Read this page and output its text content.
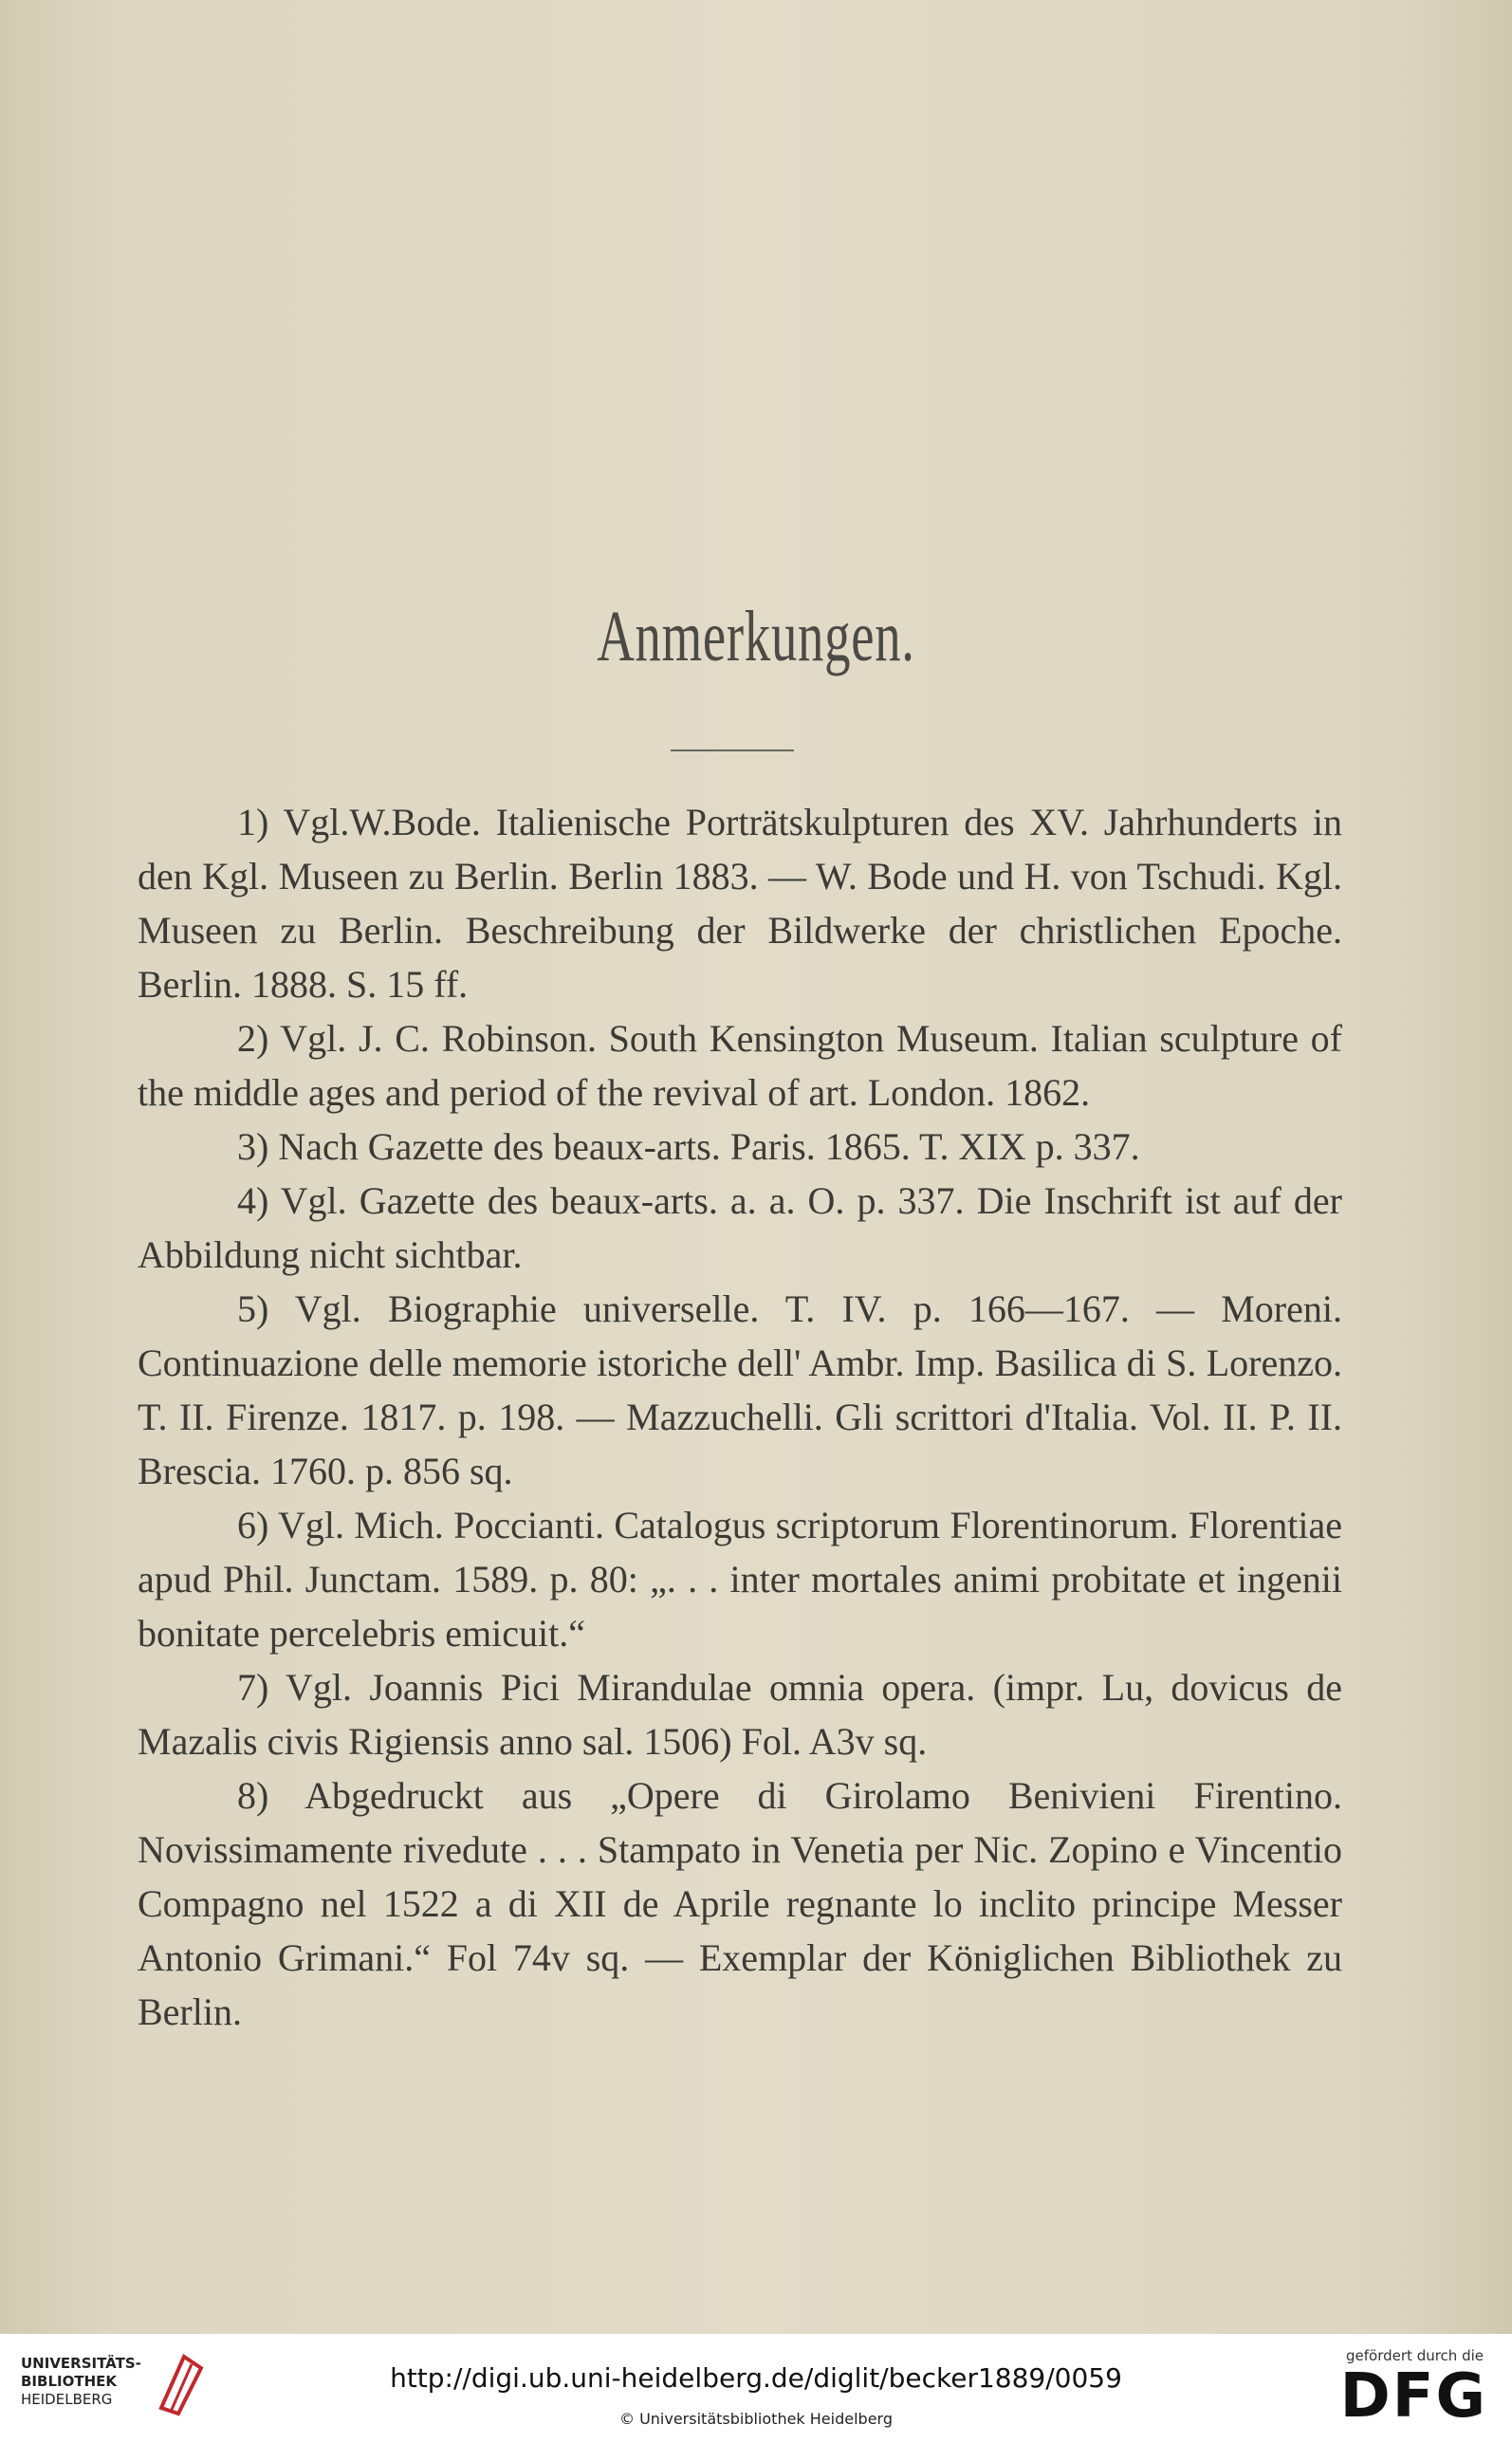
Anmerkungen.

1) Vgl.W.Bode. Italienische Porträtskulpturen des XV. Jahrhunderts in den Kgl. Museen zu Berlin. Berlin 1883. — W. Bode und H. von Tschudi. Kgl. Museen zu Berlin. Beschreibung der Bildwerke der christlichen Epoche. Berlin. 1888. S. 15 ff.

2) Vgl. J. C. Robinson. South Kensington Museum. Italian sculpture of the middle ages and period of the revival of art. London. 1862.

3) Nach Gazette des beaux-arts. Paris. 1865. T. XIX p. 337.

4) Vgl. Gazette des beaux-arts. a. a. O. p. 337. Die Inschrift ist auf der Abbildung nicht sichtbar.

5) Vgl. Biographie universelle. T. IV. p. 166—167. — Moreni. Continuazione delle memorie istoriche dell' Ambr. Imp. Basilica di S. Lorenzo. T. II. Firenze. 1817. p. 198. — Mazzuchelli. Gli scrittori d'Italia. Vol. II. P. II. Brescia. 1760. p. 856 sq.

6) Vgl. Mich. Poccianti. Catalogus scriptorum Florentinorum. Florentiae apud Phil. Junctam. 1589. p. 80: „. . . inter mortales animi probitate et ingenii bonitate percelebris emicuit.“

7) Vgl. Joannis Pici Mirandulae omnia opera. (impr. Lu, dovicus de Mazalis civis Rigiensis anno sal. 1506) Fol. A3v sq.

8) Abgedruckt aus „Opere di Girolamo Benivieni Firentino. Novissimamente rivedute . . . Stampato in Venetia per Nic. Zopino e Vincentio Compagno nel 1522 a di XII de Aprile regnante lo inclito principe Messer Antonio Grimani.“ Fol 74v sq. — Exemplar der Königlichen Bibliothek zu Berlin.

UNIVERSITÄTS-
BIBLIOTHEK
HEIDELBERG
http://digi.ub.uni-heidelberg.de/diglit/becker1889/0059
© Universitätsbibliothek Heidelberg
gefördert durch die
DFG
